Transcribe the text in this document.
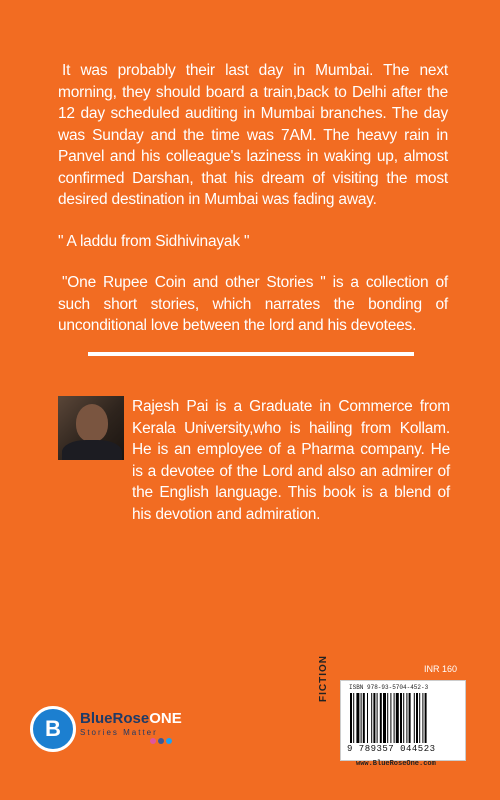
It was probably their last day in Mumbai. The next morning, they should board a train,back to Delhi after the 12 day scheduled auditing in Mumbai branches. The day was Sunday and the time was 7AM. The heavy rain in Panvel and his colleague's laziness in waking up, almost confirmed Darshan, that his dream of visiting the most desired destination in Mumbai was fading away.

" A laddu from Sidhivinayak "

"One Rupee Coin and other Stories " is a collection of such short stories, which narrates the bonding of unconditional love between the lord and his devotees.

Rajesh Pai is a Graduate in Commerce from Kerala University,who is hailing from Kollam. He is an employee of a Pharma company. He is a devotee of the Lord and also an admirer of the English language. This book is a blend of his devotion and admiration.
B BlueRoseONE
Stories Matter
INR 160
FICTION	ISBN 978-93-5704-452-3
9 789357 044523
www.BlueRoseOne.com
